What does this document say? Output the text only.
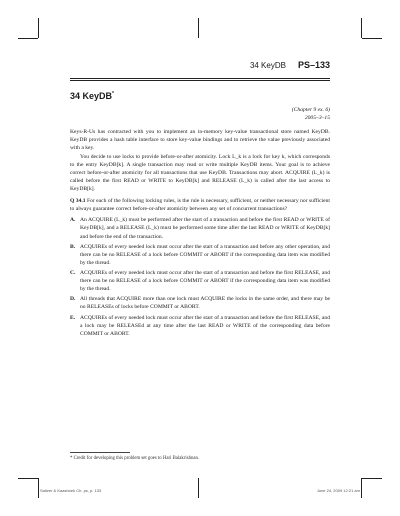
34 KeyDB PS–133
34 KeyDB*

(Chapter 9 ex. 6)

2005–3–15

Keys-R-Us has contracted with you to implement an in-memory key-value transactional store named KeyDB. KeyDB provides a hash table interface to store key-value bindings and to retrieve the value previously associated with a key.

You decide to use locks to provide before-or-after atomicity. Lock L_k is a lock for key k, which corresponds to the entry KeyDB[k]. A single transaction may read or write multiple KeyDB items. Your goal is to achieve correct before-or-after atomicity for all transactions that use KeyDB. Transactions may abort. ACQUIRE (L_k) is called before the first READ or WRITE to KeyDB[k] and RELEASE (L_k) is called after the last access to KeyDB[k].

Q 34.1 For each of the following locking rules, is the rule is necessary, sufficient, or neither necessary nor sufficient to always guarantee correct before-or-after atomicity between any set of concurrent transactions?

A. An ACQUIRE (L_k) must be performed after the start of a transaction and before the first READ or WRITE of KeyDB[k], and a RELEASE (L_k) must be performed some time after the last READ or WRITE of KeyDB[k] and before the end of the transaction.
B. ACQUIREs of every needed lock must occur after the start of a transaction and before any other operation, and there can be no RELEASE of a lock before COMMIT or ABORT if the corresponding data item was modified by the thread.
C. ACQUIREs of every needed lock must occur after the start of a transaction and before the first RELEASE, and there can be no RELEASE of a lock before COMMIT or ABORT if the corresponding data item was modified by the thread.
D. All threads that ACQUIRE more than one lock must ACQUIRE the locks in the same order, and there may be no RELEASEs of locks before COMMIT or ABORT.
E. ACQUIREs of every needed lock must occur after the start of a transaction and before the first RELEASE, and a lock may be RELEASEd at any time after the last READ or WRITE of the corresponding data before COMMIT or ABORT.
* Credit for developing this problem set goes to Hari Balakrishnan.
Saltzer & Kaashoek Ch. ps, p. 133	June 24, 2009 12:21 am
